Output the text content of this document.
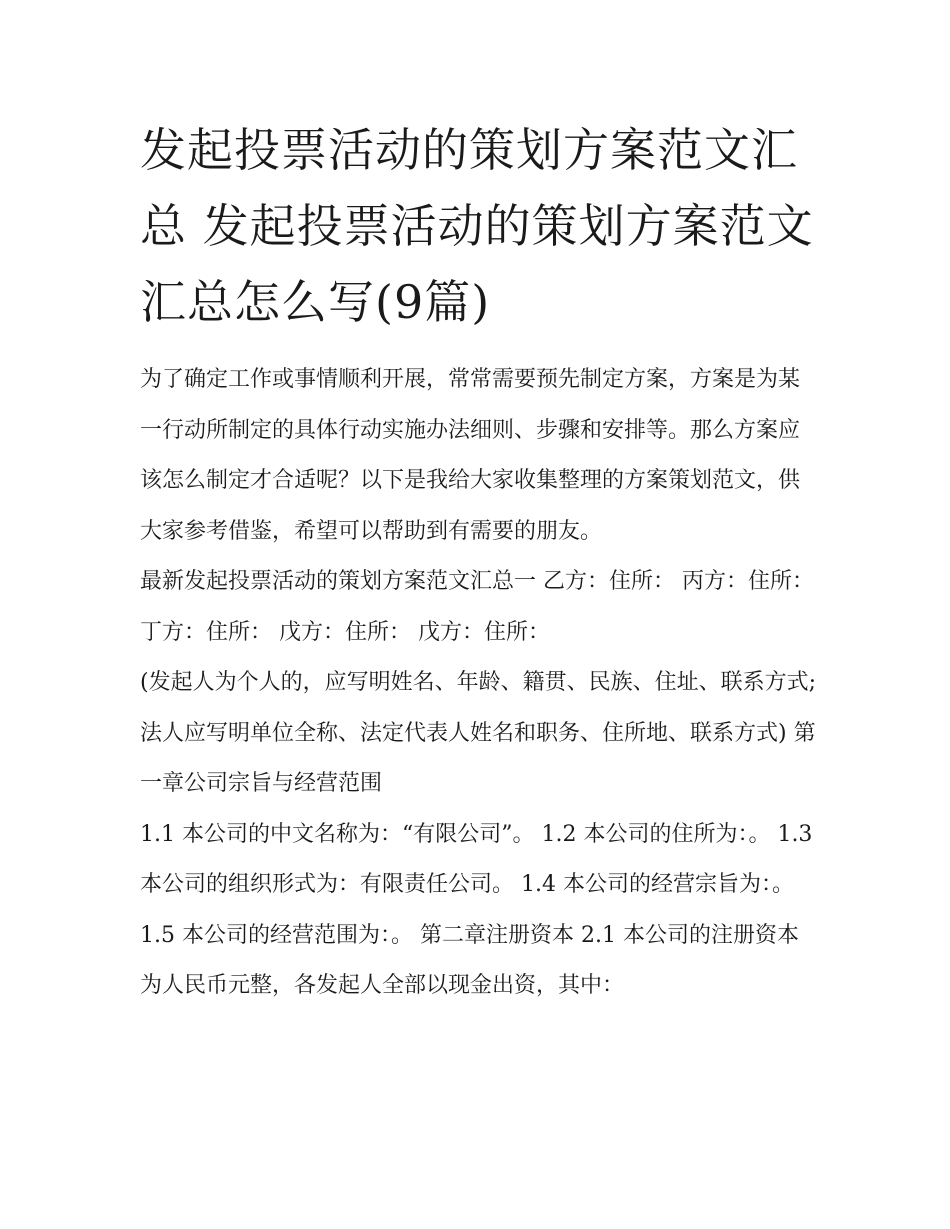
发起投票活动的策划方案范文汇总 发起投票活动的策划方案范文汇总怎么写(9篇)

为了确定工作或事情顺利开展，常常需要预先制定方案，方案是为某一行动所制定的具体行动实施办法细则、步骤和安排等。那么方案应该怎么制定才合适呢？以下是我给大家收集整理的方案策划范文，供大家参考借鉴，希望可以帮助到有需要的朋友。

最新发起投票活动的策划方案范文汇总一 乙方：住所： 丙方：住所： 丁方：住所： 戊方：住所： 戊方：住所：

(发起人为个人的，应写明姓名、年龄、籍贯、民族、住址、联系方式;法人应写明单位全称、法定代表人姓名和职务、住所地、联系方式) 第一章公司宗旨与经营范围

1.1 本公司的中文名称为：“有限公司”。 1.2 本公司的住所为：。 1.3 本公司的组织形式为：有限责任公司。 1.4 本公司的经营宗旨为：。

1.5 本公司的经营范围为：。 第二章注册资本 2.1 本公司的注册资本为人民币元整，各发起人全部以现金出资，其中：
